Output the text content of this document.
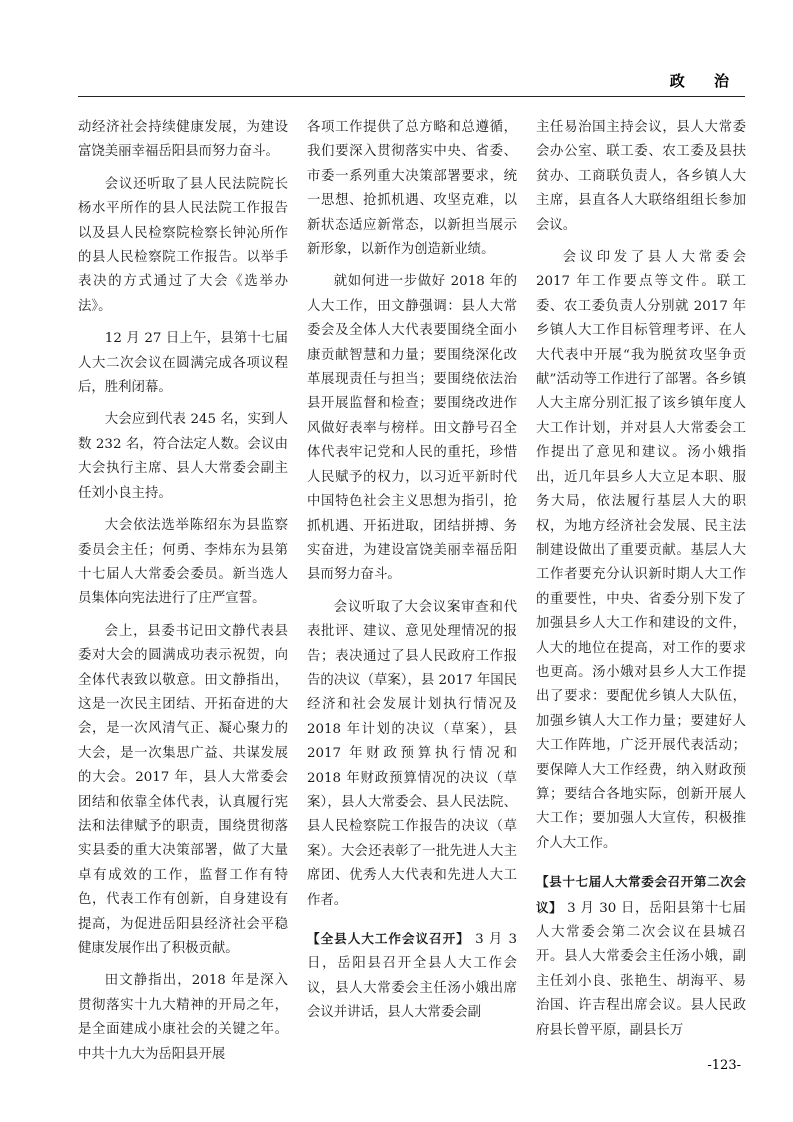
政 治

动经济社会持续健康发展，为建设富饶美丽幸福岳阳县而努力奋斗。

会议还听取了县人民法院院长杨水平所作的县人民法院工作报告以及县人民检察院检察长钟沁所作的县人民检察院工作报告。以举手表决的方式通过了大会《选举办法》。

12 月 27 日上午，县第十七届人大二次会议在圆满完成各项议程后，胜利闭幕。

大会应到代表 245 名，实到人数 232 名，符合法定人数。会议由大会执行主席、县人大常委会副主任刘小良主持。

大会依法选举陈绍东为县监察委员会主任；何勇、李炜东为县第十七届人大常委会委员。新当选人员集体向宪法进行了庄严宣誓。

会上，县委书记田文静代表县委对大会的圆满成功表示祝贺，向全体代表致以敬意。田文静指出，这是一次民主团结、开拓奋进的大会，是一次风清气正、凝心聚力的大会，是一次集思广益、共谋发展的大会。2017 年，县人大常委会团结和依靠全体代表，认真履行宪法和法律赋予的职责，围绕贯彻落实县委的重大决策部署，做了大量卓有成效的工作，监督工作有特色，代表工作有创新，自身建设有提高，为促进岳阳县经济社会平稳健康发展作出了积极贡献。

田文静指出，2018 年是深入贯彻落实十九大精神的开局之年，是全面建成小康社会的关键之年。中共十九大为岳阳县开展

各项工作提供了总方略和总遵循，我们要深入贯彻落实中央、省委、市委一系列重大决策部署要求，统一思想、抢抓机遇、攻坚克难，以新状态适应新常态，以新担当展示新形象，以新作为创造新业绩。

就如何进一步做好 2018 年的人大工作，田文静强调：县人大常委会及全体人大代表要围绕全面小康贡献智慧和力量；要围绕深化改革展现责任与担当；要围绕依法治县开展监督和检查；要围绕改进作风做好表率与榜样。田文静号召全体代表牢记党和人民的重托，珍惜人民赋予的权力，以习近平新时代中国特色社会主义思想为指引，抢抓机遇、开拓进取，团结拼搏、务实奋进，为建设富饶美丽幸福岳阳县而努力奋斗。

会议听取了大会议案审查和代表批评、建议、意见处理情况的报告；表决通过了县人民政府工作报告的决议（草案），县 2017 年国民经济和社会发展计划执行情况及 2018 年计划的决议（草案），县 2017 年财政预算执行情况和 2018 年财政预算情况的决议（草案），县人大常委会、县人民法院、县人民检察院工作报告的决议（草案）。大会还表彰了一批先进人大主席团、优秀人大代表和先进人大工作者。

【全县人大工作会议召开】 3 月 3 日，岳阳县召开全县人大工作会议，县人大常委会主任汤小娥出席会议并讲话，县人大常委会副

主任易治国主持会议，县人大常委会办公室、联工委、农工委及县扶贫办、工商联负责人，各乡镇人大主席，县直各人大联络组组长参加会议。

会议印发了县人大常委会 2017 年工作要点等文件。联工委、农工委负责人分别就 2017 年乡镇人大工作目标管理考评、在人大代表中开展“我为脱贫攻坚争贡献”活动等工作进行了部署。各乡镇人大主席分别汇报了该乡镇年度人大工作计划，并对县人大常委会工作提出了意见和建议。汤小娥指出，近几年县乡人大立足本职、服务大局，依法履行基层人大的职权，为地方经济社会发展、民主法制建设做出了重要贡献。基层人大工作者要充分认识新时期人大工作的重要性，中央、省委分别下发了加强县乡人大工作和建设的文件，人大的地位在提高，对工作的要求也更高。汤小娥对县乡人大工作提出了要求：要配优乡镇人大队伍，加强乡镇人大工作力量；要建好人大工作阵地，广泛开展代表活动；要保障人大工作经费，纳入财政预算；要结合各地实际，创新开展人大工作；要加强人大宣传，积极推介人大工作。

【县十七届人大常委会召开第二次会议】 3 月 30 日，岳阳县第十七届人大常委会第二次会议在县城召开。县人大常委会主任汤小娥，副主任刘小良、张艳生、胡海平、易治国、许吉程出席会议。县人民政府县长曾平原，副县长万

-123-
